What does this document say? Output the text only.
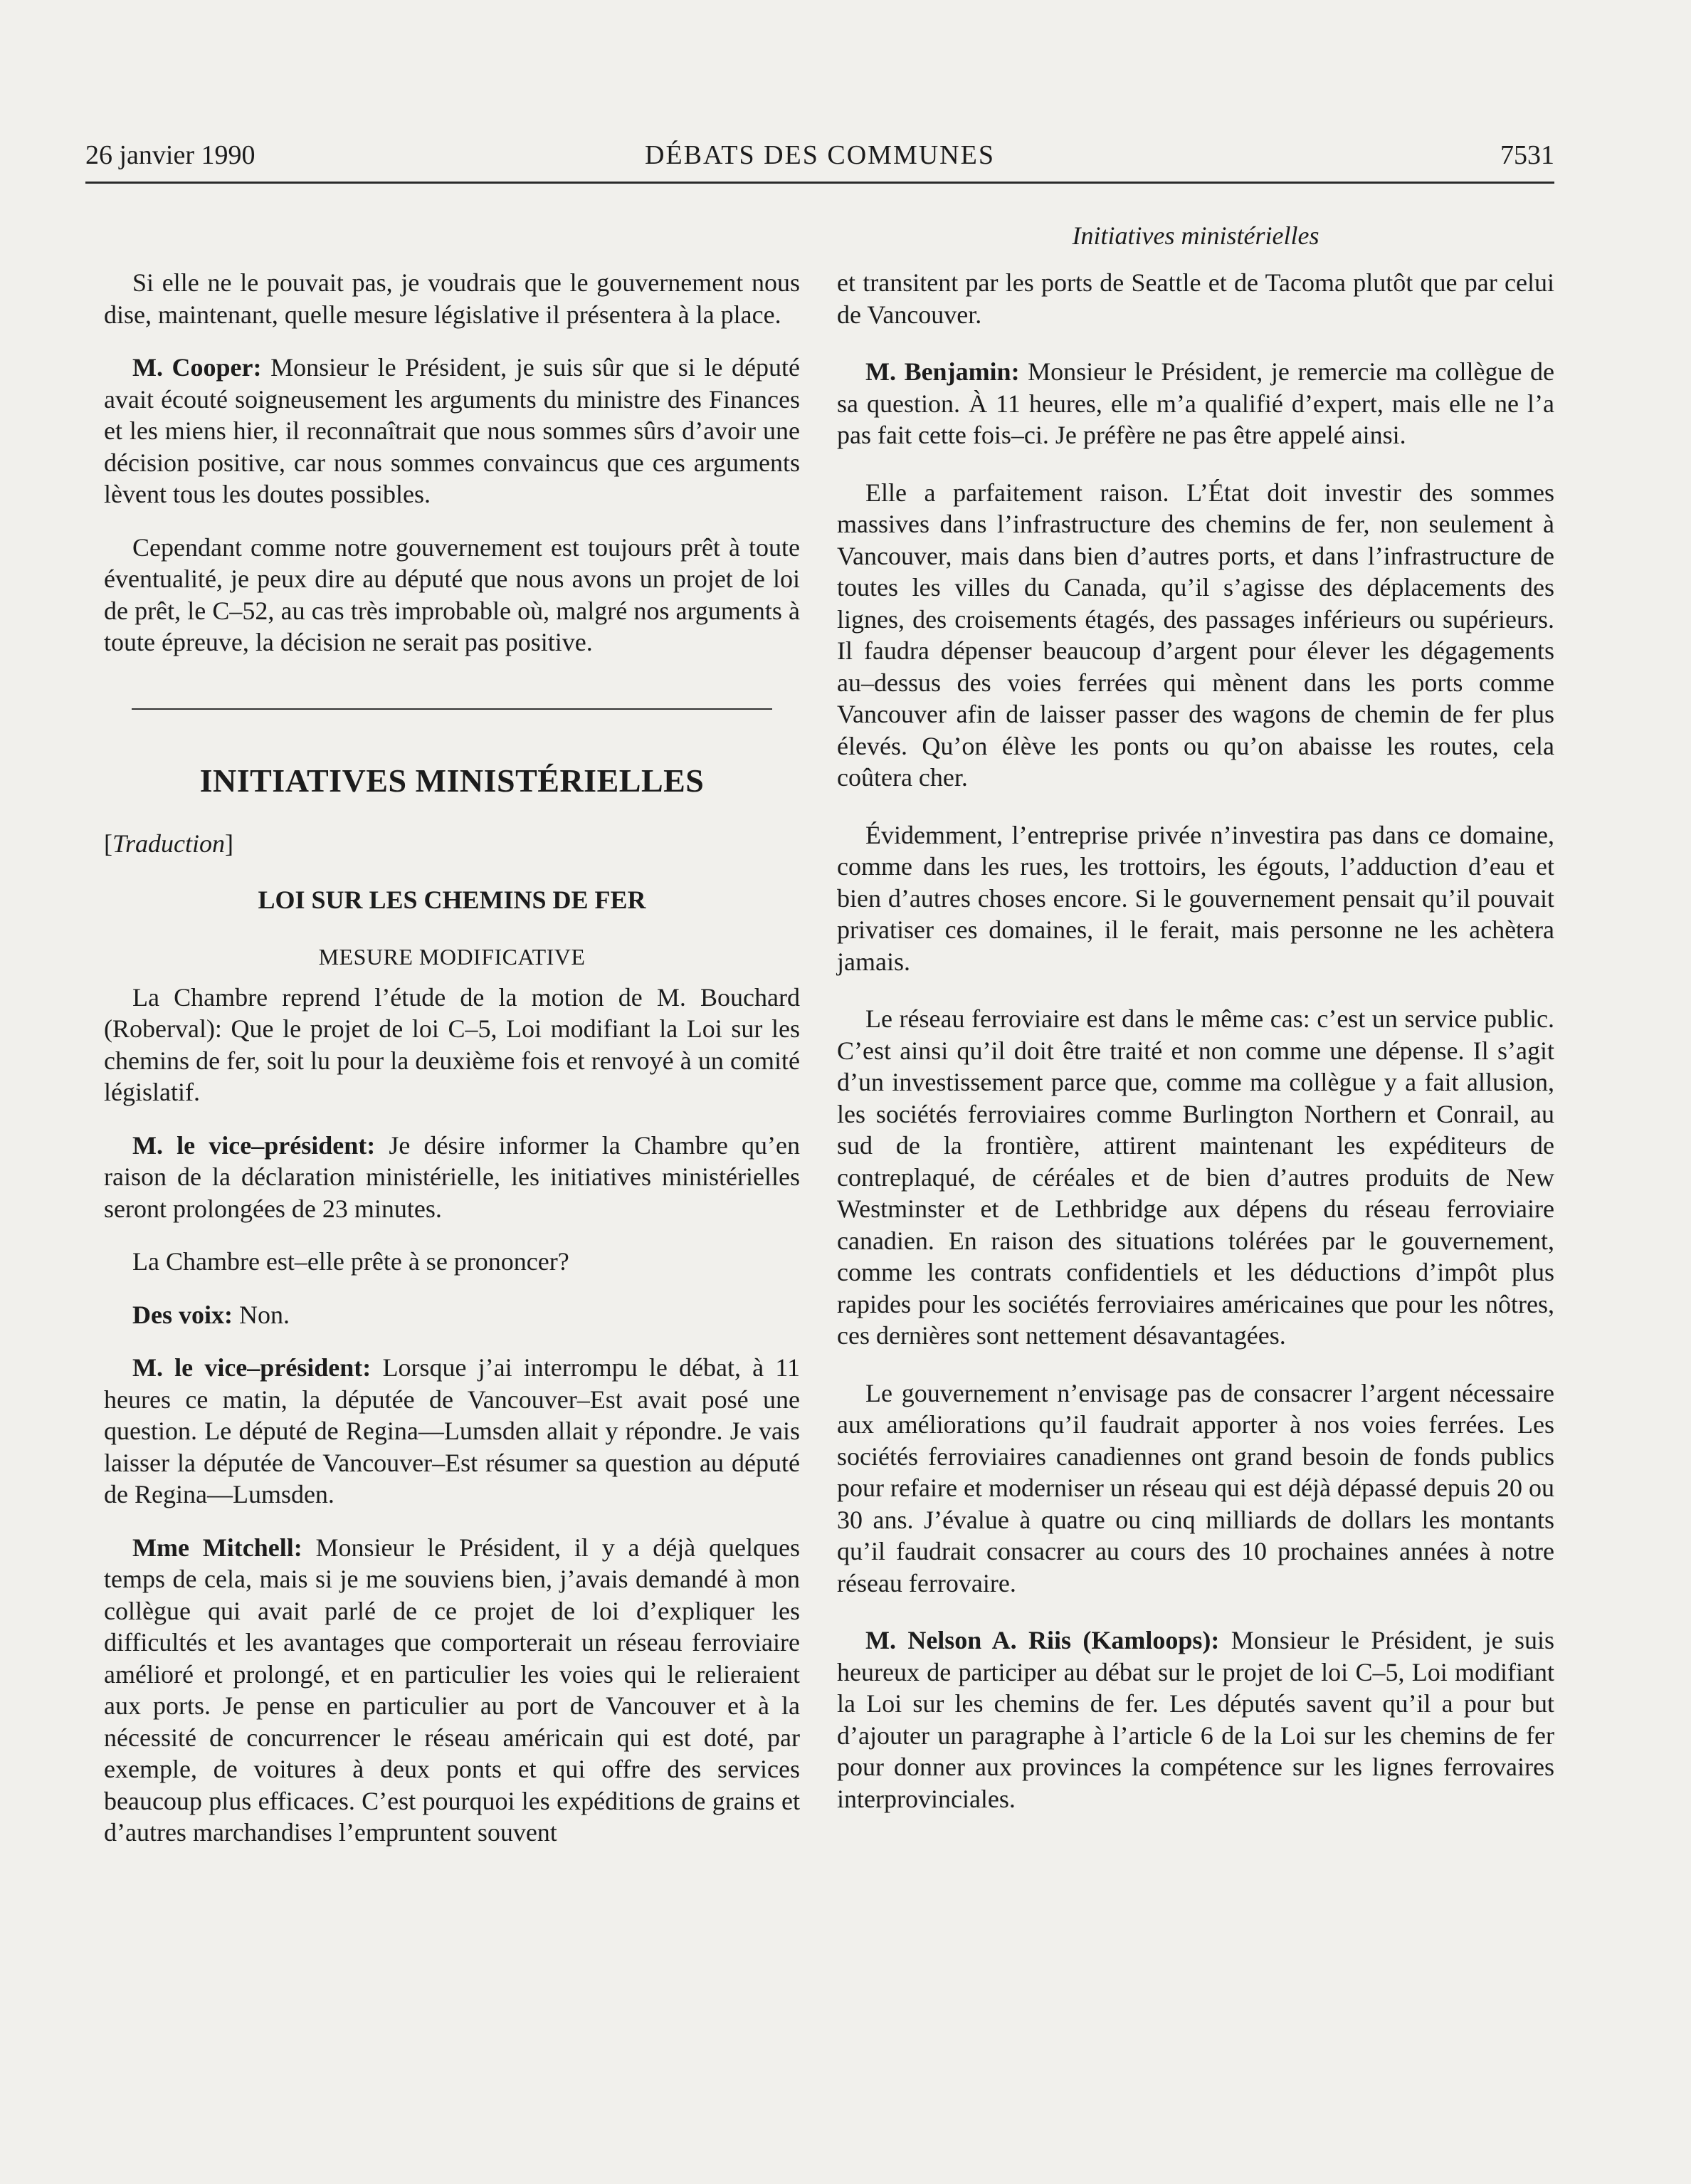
26 janvier 1990	DÉBATS DES COMMUNES	7531
Initiatives ministérielles

Si elle ne le pouvait pas, je voudrais que le gouvernement nous dise, maintenant, quelle mesure législative il présentera à la place.

M. Cooper: Monsieur le Président, je suis sûr que si le député avait écouté soigneusement les arguments du ministre des Finances et les miens hier, il reconnaîtrait que nous sommes sûrs d’avoir une décision positive, car nous sommes convaincus que ces arguments lèvent tous les doutes possibles.

Cependant comme notre gouvernement est toujours prêt à toute éventualité, je peux dire au député que nous avons un projet de loi de prêt, le C–52, au cas très improbable où, malgré nos arguments à toute épreuve, la décision ne serait pas positive.

INITIATIVES MINISTÉRIELLES
[Traduction]
LOI SUR LES CHEMINS DE FER
MESURE MODIFICATIVE

La Chambre reprend l’étude de la motion de M. Bouchard (Roberval): Que le projet de loi C–5, Loi modifiant la Loi sur les chemins de fer, soit lu pour la deuxième fois et renvoyé à un comité législatif.

M. le vice–président: Je désire informer la Chambre qu’en raison de la déclaration ministérielle, les initiatives ministérielles seront prolongées de 23 minutes.

La Chambre est–elle prête à se prononcer?

Des voix: Non.

M. le vice–président: Lorsque j’ai interrompu le débat, à 11 heures ce matin, la députée de Vancouver–Est avait posé une question. Le député de Regina—Lumsden allait y répondre. Je vais laisser la députée de Vancouver–Est résumer sa question au député de Regina—Lumsden.

Mme Mitchell: Monsieur le Président, il y a déjà quelques temps de cela, mais si je me souviens bien, j’avais demandé à mon collègue qui avait parlé de ce projet de loi d’expliquer les difficultés et les avantages que comporterait un réseau ferroviaire amélioré et prolongé, et en particulier les voies qui le relieraient aux ports. Je pense en particulier au port de Vancouver et à la nécessité de concurrencer le réseau américain qui est doté, par exemple, de voitures à deux ponts et qui offre des services beaucoup plus efficaces. C’est pourquoi les expéditions de grains et d’autres marchandises l’empruntent souvent

et transitent par les ports de Seattle et de Tacoma plutôt que par celui de Vancouver.

M. Benjamin: Monsieur le Président, je remercie ma collègue de sa question. À 11 heures, elle m’a qualifié d’expert, mais elle ne l’a pas fait cette fois–ci. Je préfère ne pas être appelé ainsi.

Elle a parfaitement raison. L’État doit investir des sommes massives dans l’infrastructure des chemins de fer, non seulement à Vancouver, mais dans bien d’autres ports, et dans l’infrastructure de toutes les villes du Canada, qu’il s’agisse des déplacements des lignes, des croisements étagés, des passages inférieurs ou supérieurs. Il faudra dépenser beaucoup d’argent pour élever les dégagements au–dessus des voies ferrées qui mènent dans les ports comme Vancouver afin de laisser passer des wagons de chemin de fer plus élevés. Qu’on élève les ponts ou qu’on abaisse les routes, cela coûtera cher.

Évidemment, l’entreprise privée n’investira pas dans ce domaine, comme dans les rues, les trottoirs, les égouts, l’adduction d’eau et bien d’autres choses encore. Si le gouvernement pensait qu’il pouvait privatiser ces domaines, il le ferait, mais personne ne les achètera jamais.

Le réseau ferroviaire est dans le même cas: c’est un service public. C’est ainsi qu’il doit être traité et non comme une dépense. Il s’agit d’un investissement parce que, comme ma collègue y a fait allusion, les sociétés ferroviaires comme Burlington Northern et Conrail, au sud de la frontière, attirent maintenant les expéditeurs de contreplaqué, de céréales et de bien d’autres produits de New Westminster et de Lethbridge aux dépens du réseau ferroviaire canadien. En raison des situations tolérées par le gouvernement, comme les contrats confidentiels et les déductions d’impôt plus rapides pour les sociétés ferroviaires américaines que pour les nôtres, ces dernières sont nettement désavantagées.

Le gouvernement n’envisage pas de consacrer l’argent nécessaire aux améliorations qu’il faudrait apporter à nos voies ferrées. Les sociétés ferroviaires canadiennes ont grand besoin de fonds publics pour refaire et moderniser un réseau qui est déjà dépassé depuis 20 ou 30 ans. J’évalue à quatre ou cinq milliards de dollars les montants qu’il faudrait consacrer au cours des 10 prochaines années à notre réseau ferrovaire.

M. Nelson A. Riis (Kamloops): Monsieur le Président, je suis heureux de participer au débat sur le projet de loi C–5, Loi modifiant la Loi sur les chemins de fer. Les députés savent qu’il a pour but d’ajouter un paragraphe à l’article 6 de la Loi sur les chemins de fer pour donner aux provinces la compétence sur les lignes ferrovaires interprovinciales.
